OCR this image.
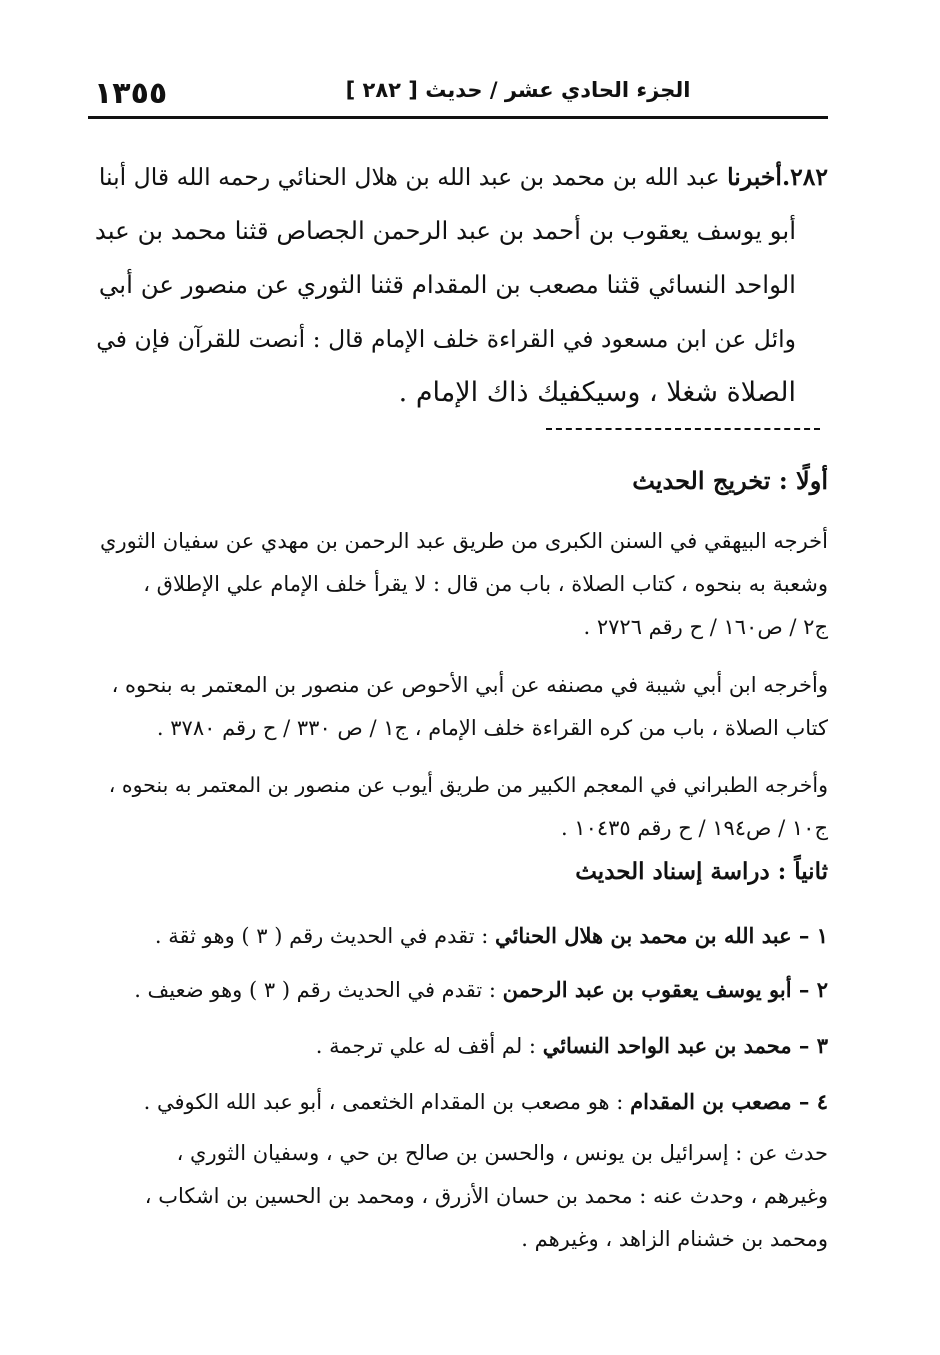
١٣٥٥	الجزء الحادي عشر / حديث [ ٢٨٢ ]
٢٨٢.أخبرنا عبد الله بن محمد بن عبد الله بن هلال الحنائي رحمه الله قال أبنا
أبو يوسف يعقوب بن أحمد بن عبد الرحمن الجصاص قثنا محمد بن عبد
الواحد النسائي قثنا مصعب بن المقدام قثنا الثوري عن منصور عن أبي
وائل عن ابن مسعود في القراءة خلف الإمام قال : أنصت للقرآن فإن في
الصلاة شغلا ، وسيكفيك ذاك الإمام .
أولًا : تخريج الحديث
أخرجه البيهقي في السنن الكبرى من طريق عبد الرحمن بن مهدي عن سفيان الثوري
وشعبة به بنحوه ، كتاب الصلاة ، باب من قال : لا يقرأ خلف الإمام علي الإطلاق ،
ج٢ / ص١٦٠ / ح رقم ٢٧٢٦ .
وأخرجه ابن أبي شيبة في مصنفه عن أبي الأحوص عن منصور بن المعتمر به بنحوه ،
كتاب الصلاة ، باب من كره القراءة خلف الإمام ، ج١ / ص ٣٣٠ / ح رقم ٣٧٨٠ .
وأخرجه الطبراني في المعجم الكبير من طريق أيوب عن منصور بن المعتمر به بنحوه ،
ج١٠ / ص١٩٤ / ح رقم ١٠٤٣٥ .
ثانياً : دراسة إسناد الحديث
١ – عبد الله بن محمد بن هلال الحنائي : تقدم في الحديث رقم ( ٣ ) وهو ثقة .
٢ – أبو يوسف يعقوب بن عبد الرحمن : تقدم في الحديث رقم ( ٣ ) وهو ضعيف .
٣ – محمد بن عبد الواحد النسائي : لم أقف له علي ترجمة .
٤ – مصعب بن المقدام : هو مصعب بن المقدام الخثعمى ، أبو عبد الله الكوفي .
حدث عن : إسرائيل بن يونس ، والحسن بن صالح بن حي ، وسفيان الثوري ،
وغيرهم ، وحدث عنه : محمد بن حسان الأزرق ، ومحمد بن الحسين بن اشكاب ،
ومحمد بن خشنام الزاهد ، وغيرهم .
